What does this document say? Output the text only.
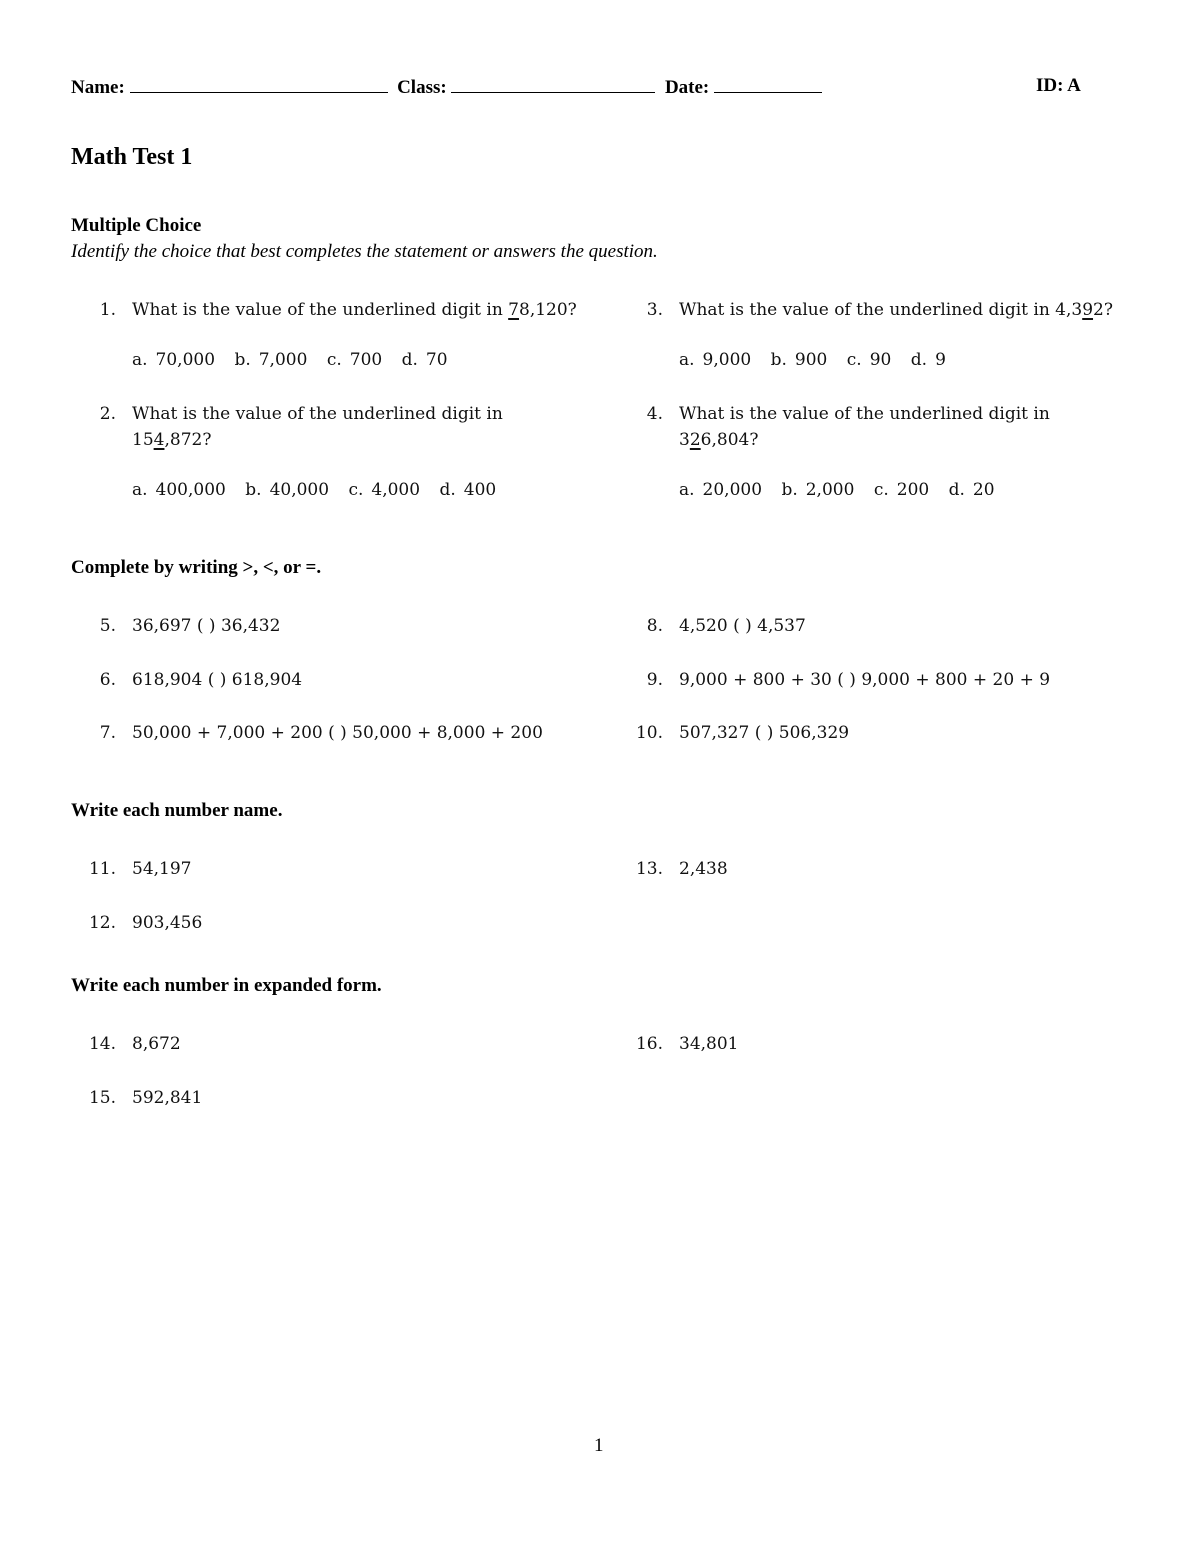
Name:	Class:	Date:	ID: A
Math Test 1
Multiple Choice
Identify the choice that best completes the statement or answers the question.
1. What is the value of the underlined digit in 78,120?
a. 70,000 b. 7,000 c. 700 d. 70
2. What is the value of the underlined digit in
154,872?
a. 400,000 b. 40,000 c. 4,000 d. 400
3. What is the value of the underlined digit in 4,392?
a. 9,000 b. 900 c. 90 d. 9
4. What is the value of the underlined digit in
326,804?
a. 20,000 b. 2,000 c. 200 d. 20
Complete by writing >, <, or =.
5. 36,697 ( ) 36,432
6. 618,904 ( ) 618,904
7. 50,000 + 7,000 + 200 ( ) 50,000 + 8,000 + 200
8. 4,520 ( ) 4,537
9. 9,000 + 800 + 30 ( ) 9,000 + 800 + 20 + 9
10. 507,327 ( ) 506,329
Write each number name.
11. 54,197
12. 903,456
13. 2,438
Write each number in expanded form.
14. 8,672
15. 592,841
16. 34,801
1
